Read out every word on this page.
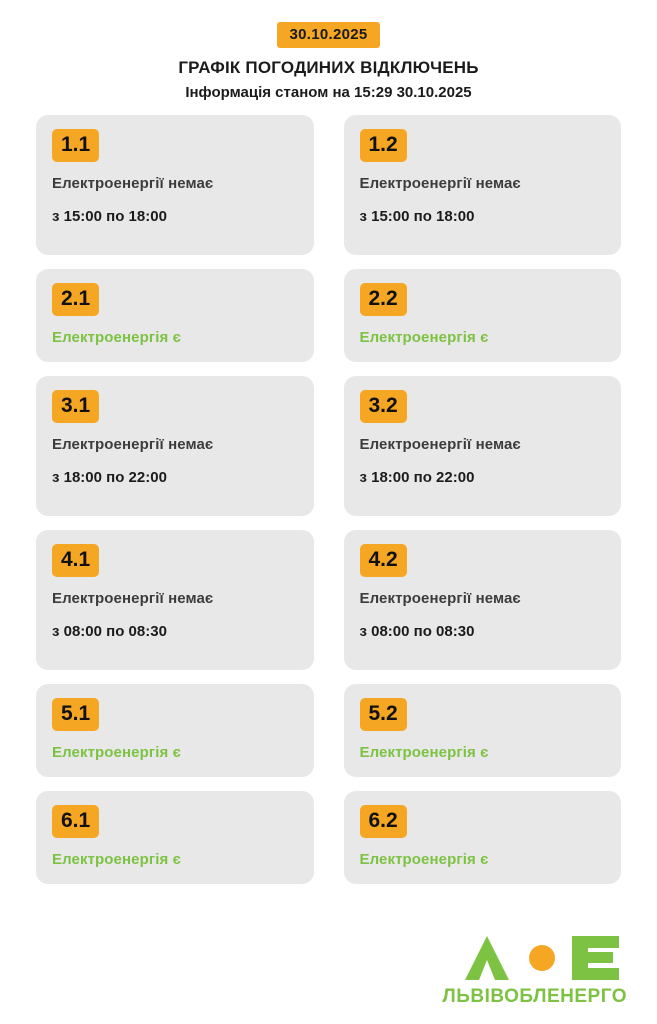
30.10.2025
ГРАФІК ПОГОДИНИХ ВІДКЛЮЧЕНЬ
Інформація станом на 15:29 30.10.2025
1.1
Електроенергії немає
з 15:00 по 18:00
1.2
Електроенергії немає
з 15:00 по 18:00
2.1
Електроенергія є
2.2
Електроенергія є
3.1
Електроенергії немає
з 18:00 по 22:00
3.2
Електроенергії немає
з 18:00 по 22:00
4.1
Електроенергії немає
з 08:00 по 08:30
4.2
Електроенергії немає
з 08:00 по 08:30
5.1
Електроенергія є
5.2
Електроенергія є
6.1
Електроенергія є
6.2
Електроенергія є
ЛЬВІВОБЛЕНЕРГО
